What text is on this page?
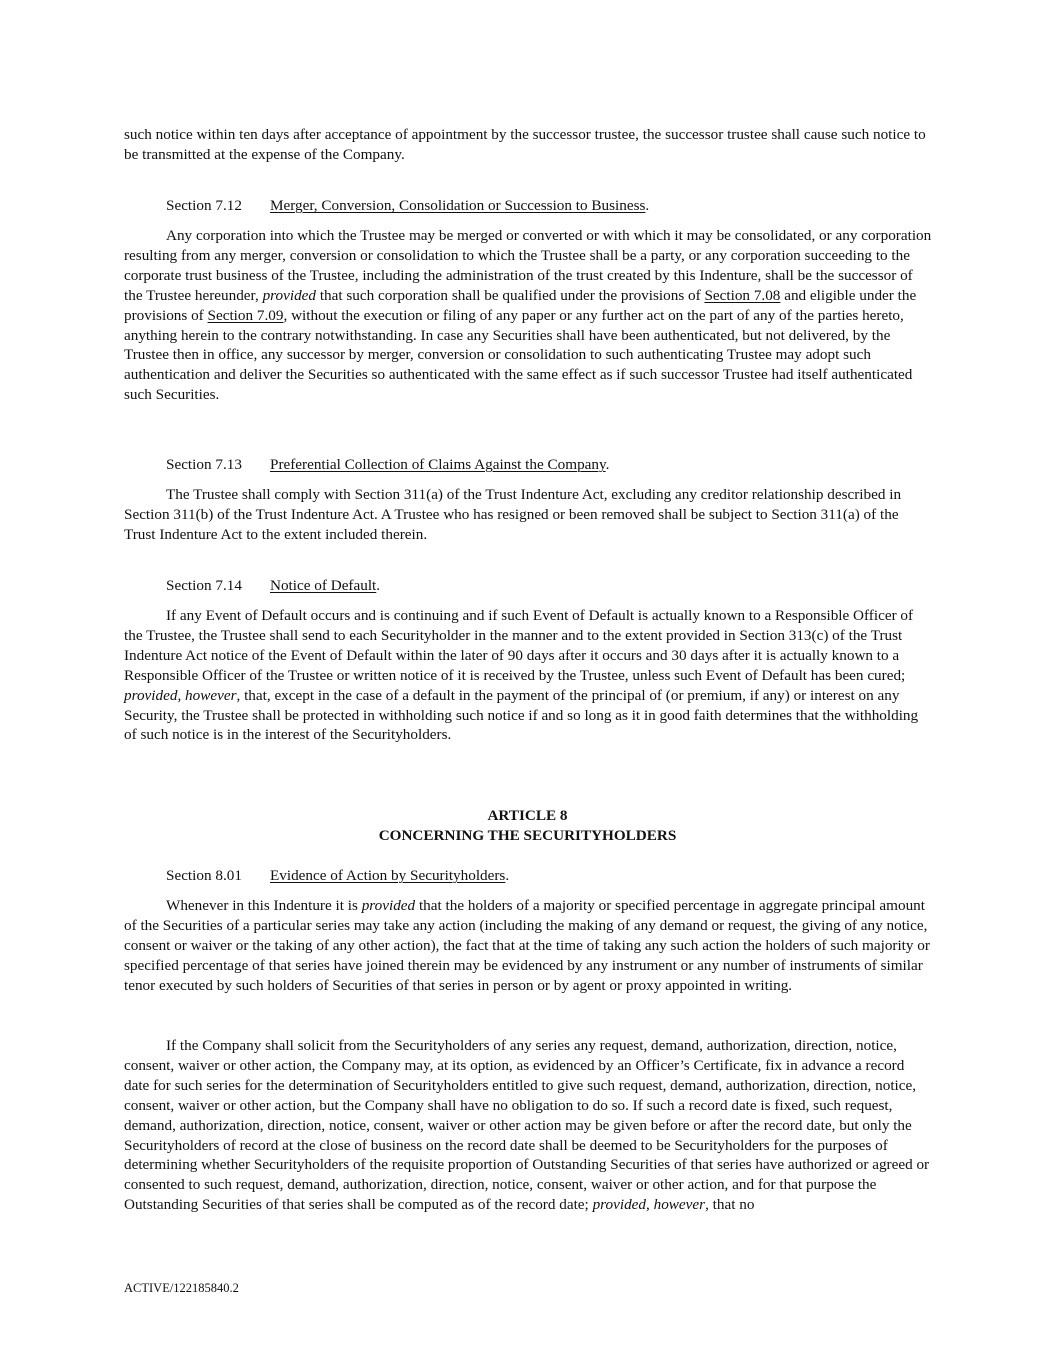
such notice within ten days after acceptance of appointment by the successor trustee, the successor trustee shall cause such notice to be transmitted at the expense of the Company.

Section 7.12 Merger, Conversion, Consolidation or Succession to Business.

Any corporation into which the Trustee may be merged or converted or with which it may be consolidated, or any corporation resulting from any merger, conversion or consolidation to which the Trustee shall be a party, or any corporation succeeding to the corporate trust business of the Trustee, including the administration of the trust created by this Indenture, shall be the successor of the Trustee hereunder, provided that such corporation shall be qualified under the provisions of Section 7.08 and eligible under the provisions of Section 7.09, without the execution or filing of any paper or any further act on the part of any of the parties hereto, anything herein to the contrary notwithstanding. In case any Securities shall have been authenticated, but not delivered, by the Trustee then in office, any successor by merger, conversion or consolidation to such authenticating Trustee may adopt such authentication and deliver the Securities so authenticated with the same effect as if such successor Trustee had itself authenticated such Securities.

Section 7.13 Preferential Collection of Claims Against the Company.

The Trustee shall comply with Section 311(a) of the Trust Indenture Act, excluding any creditor relationship described in Section 311(b) of the Trust Indenture Act. A Trustee who has resigned or been removed shall be subject to Section 311(a) of the Trust Indenture Act to the extent included therein.

Section 7.14 Notice of Default.

If any Event of Default occurs and is continuing and if such Event of Default is actually known to a Responsible Officer of the Trustee, the Trustee shall send to each Securityholder in the manner and to the extent provided in Section 313(c) of the Trust Indenture Act notice of the Event of Default within the later of 90 days after it occurs and 30 days after it is actually known to a Responsible Officer of the Trustee or written notice of it is received by the Trustee, unless such Event of Default has been cured; provided, however, that, except in the case of a default in the payment of the principal of (or premium, if any) or interest on any Security, the Trustee shall be protected in withholding such notice if and so long as it in good faith determines that the withholding of such notice is in the interest of the Securityholders.

ARTICLE 8
CONCERNING THE SECURITYHOLDERS
Section 8.01 Evidence of Action by Securityholders.

Whenever in this Indenture it is provided that the holders of a majority or specified percentage in aggregate principal amount of the Securities of a particular series may take any action (including the making of any demand or request, the giving of any notice, consent or waiver or the taking of any other action), the fact that at the time of taking any such action the holders of such majority or specified percentage of that series have joined therein may be evidenced by any instrument or any number of instruments of similar tenor executed by such holders of Securities of that series in person or by agent or proxy appointed in writing.

If the Company shall solicit from the Securityholders of any series any request, demand, authorization, direction, notice, consent, waiver or other action, the Company may, at its option, as evidenced by an Officer’s Certificate, fix in advance a record date for such series for the determination of Securityholders entitled to give such request, demand, authorization, direction, notice, consent, waiver or other action, but the Company shall have no obligation to do so. If such a record date is fixed, such request, demand, authorization, direction, notice, consent, waiver or other action may be given before or after the record date, but only the Securityholders of record at the close of business on the record date shall be deemed to be Securityholders for the purposes of determining whether Securityholders of the requisite proportion of Outstanding Securities of that series have authorized or agreed or consented to such request, demand, authorization, direction, notice, consent, waiver or other action, and for that purpose the Outstanding Securities of that series shall be computed as of the record date; provided, however, that no

ACTIVE/122185840.2
